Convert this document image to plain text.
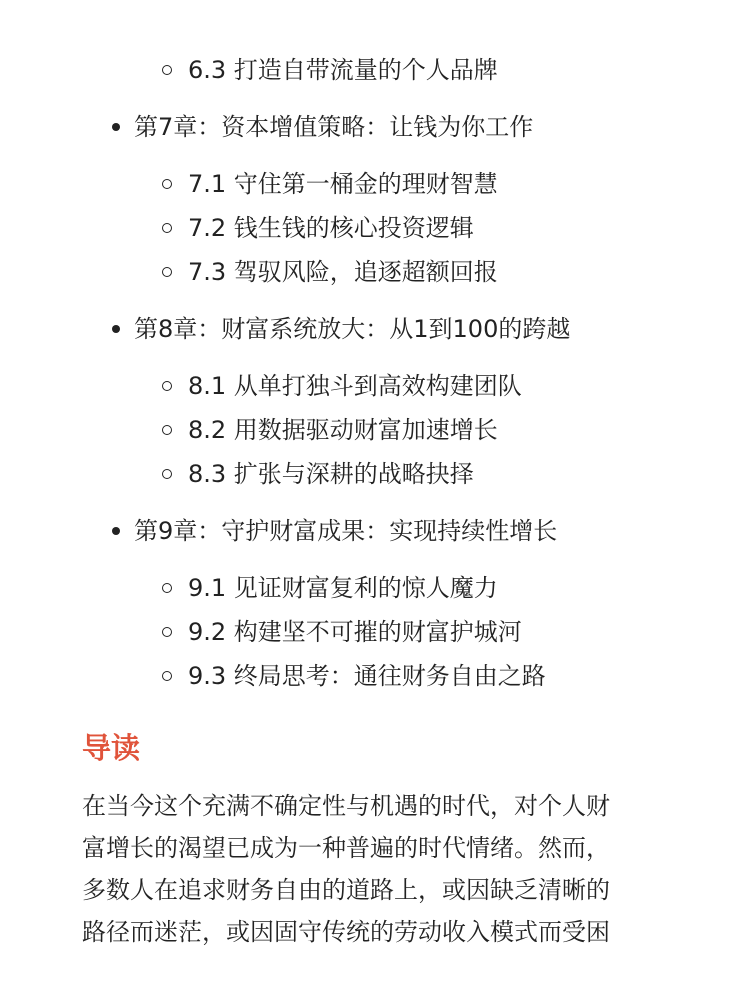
6.3 打造自带流量的个人品牌
第7章：资本增值策略：让钱为你工作
7.1 守住第一桶金的理财智慧
7.2 钱生钱的核心投资逻辑
7.3 驾驭风险，追逐超额回报
第8章：财富系统放大：从1到100的跨越
8.1 从单打独斗到高效构建团队
8.2 用数据驱动财富加速增长
8.3 扩张与深耕的战略抉择
第9章：守护财富成果：实现持续性增长
9.1 见证财富复利的惊人魔力
9.2 构建坚不可摧的财富护城河
9.3 终局思考：通往财务自由之路
导读
在当今这个充满不确定性与机遇的时代，对个人财
富增长的渴望已成为一种普遍的时代情绪。然而，
多数人在追求财务自由的道路上，或因缺乏清晰的
路径而迷茫，或因固守传统的劳动收入模式而受困
